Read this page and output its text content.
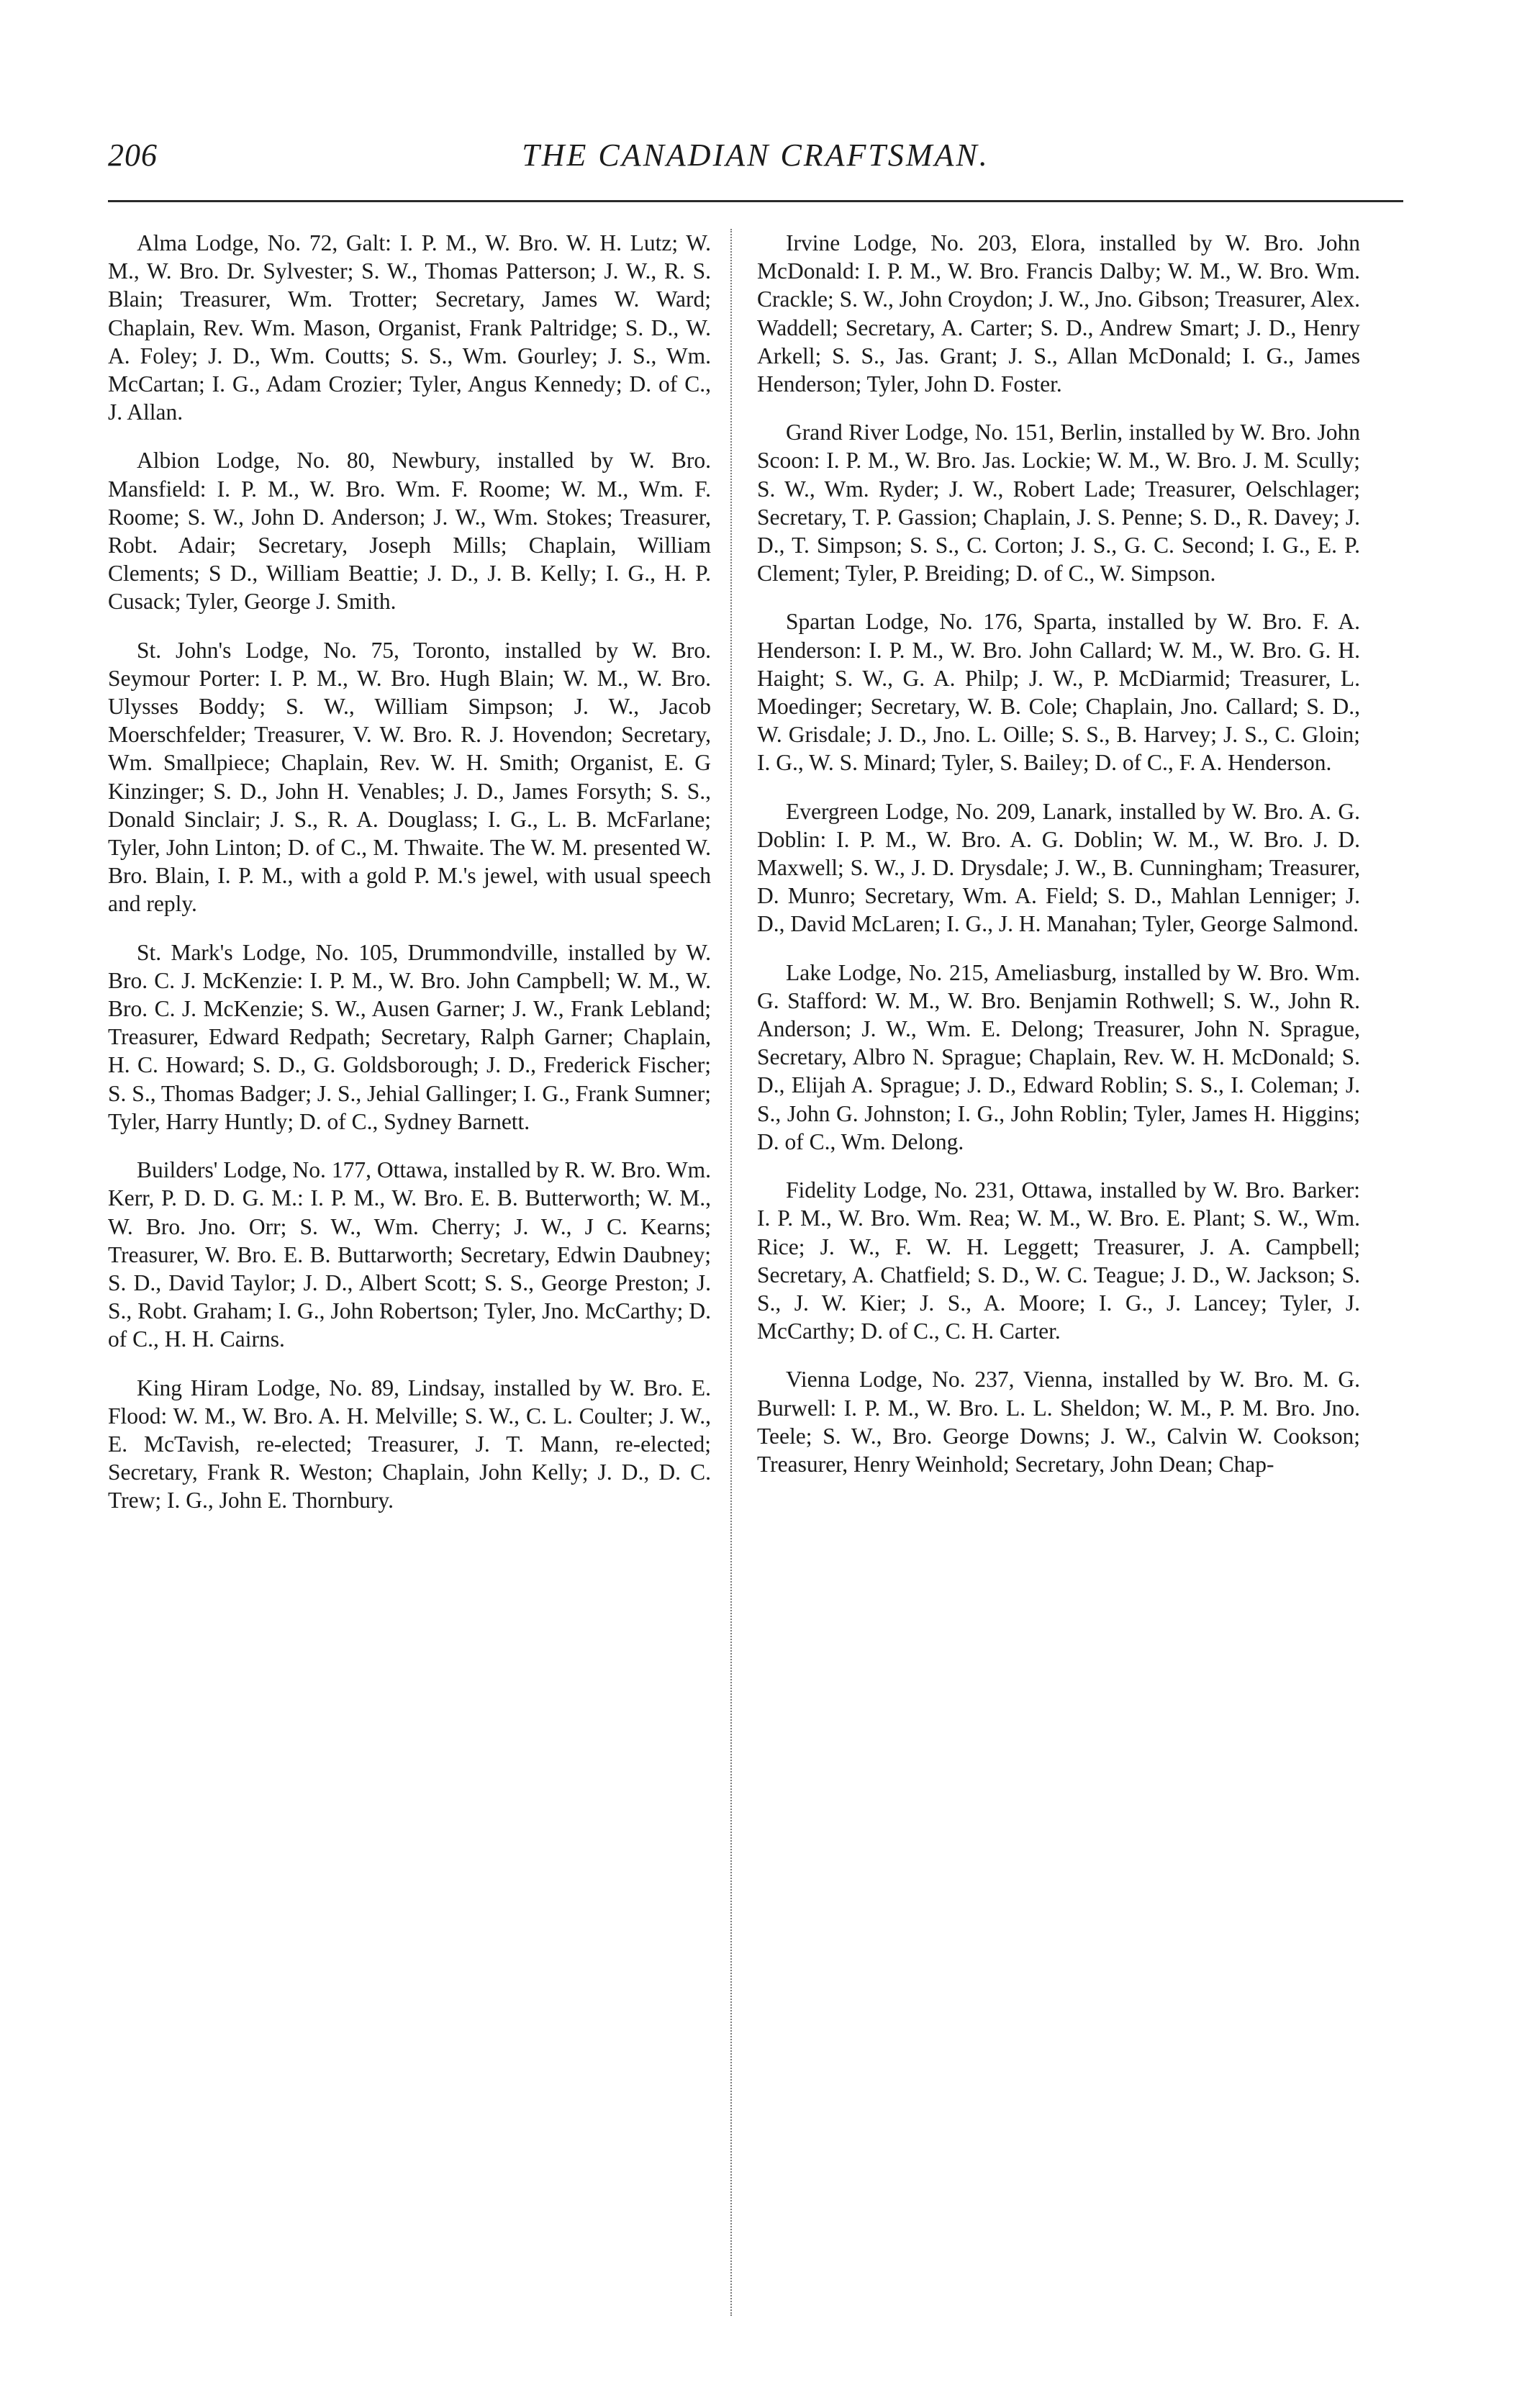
206	THE CANADIAN CRAFTSMAN.

Alma Lodge, No. 72, Galt: I. P. M., W. Bro. W. H. Lutz; W. M., W. Bro. Dr. Sylvester; S. W., Thomas Patterson; J. W., R. S. Blain; Treasurer, Wm. Trotter; Secretary, James W. Ward; Chaplain, Rev. Wm. Mason, Organist, Frank Paltridge; S. D., W. A. Foley; J. D., Wm. Coutts; S. S., Wm. Gourley; J. S., Wm. McCartan; I. G., Adam Crozier; Tyler, Angus Kennedy; D. of C., J. Allan.

Albion Lodge, No. 80, Newbury, installed by W. Bro. Mansfield: I. P. M., W. Bro. Wm. F. Roome; W. M., Wm. F. Roome; S. W., John D. Anderson; J. W., Wm. Stokes; Treasurer, Robt. Adair; Secretary, Joseph Mills; Chaplain, William Clements; S D., William Beattie; J. D., J. B. Kelly; I. G., H. P. Cusack; Tyler, George J. Smith.

St. John's Lodge, No. 75, Toronto, installed by W. Bro. Seymour Porter: I. P. M., W. Bro. Hugh Blain; W. M., W. Bro. Ulysses Boddy; S. W., William Simpson; J. W., Jacob Moerschfelder; Treasurer, V. W. Bro. R. J. Hovendon; Secretary, Wm. Smallpiece; Chaplain, Rev. W. H. Smith; Organist, E. G Kinzinger; S. D., John H. Venables; J. D., James Forsyth; S. S., Donald Sinclair; J. S., R. A. Douglass; I. G., L. B. McFarlane; Tyler, John Linton; D. of C., M. Thwaite. The W. M. presented W. Bro. Blain, I. P. M., with a gold P. M.'s jewel, with usual speech and reply.

St. Mark's Lodge, No. 105, Drummondville, installed by W. Bro. C. J. McKenzie: I. P. M., W. Bro. John Campbell; W. M., W. Bro. C. J. McKenzie; S. W., Ausen Garner; J. W., Frank Lebland; Treasurer, Edward Redpath; Secretary, Ralph Garner; Chaplain, H. C. Howard; S. D., G. Goldsborough; J. D., Frederick Fischer; S. S., Thomas Badger; J. S., Jehial Gallinger; I. G., Frank Sumner; Tyler, Harry Huntly; D. of C., Sydney Barnett.

Builders' Lodge, No. 177, Ottawa, installed by R. W. Bro. Wm. Kerr, P. D. D. G. M.: I. P. M., W. Bro. E. B. Butterworth; W. M., W. Bro. Jno. Orr; S. W., Wm. Cherry; J. W., J C. Kearns; Treasurer, W. Bro. E. B. Buttarworth; Secretary, Edwin Daubney; S. D., David Taylor; J. D., Albert Scott; S. S., George Preston; J. S., Robt. Graham; I. G., John Robertson; Tyler, Jno. McCarthy; D. of C., H. H. Cairns.

King Hiram Lodge, No. 89, Lindsay, installed by W. Bro. E. Flood: W. M., W. Bro. A. H. Melville; S. W., C. L. Coulter; J. W., E. McTavish, re-elected; Treasurer, J. T. Mann, re-elected; Secretary, Frank R. Weston; Chaplain, John Kelly; J. D., D. C. Trew; I. G., John E. Thornbury.

Irvine Lodge, No. 203, Elora, installed by W. Bro. John McDonald: I. P. M., W. Bro. Francis Dalby; W. M., W. Bro. Wm. Crackle; S. W., John Croydon; J. W., Jno. Gibson; Treasurer, Alex. Waddell; Secretary, A. Carter; S. D., Andrew Smart; J. D., Henry Arkell; S. S., Jas. Grant; J. S., Allan McDonald; I. G., James Henderson; Tyler, John D. Foster.

Grand River Lodge, No. 151, Berlin, installed by W. Bro. John Scoon: I. P. M., W. Bro. Jas. Lockie; W. M., W. Bro. J. M. Scully; S. W., Wm. Ryder; J. W., Robert Lade; Treasurer, Oelschlager; Secretary, T. P. Gassion; Chaplain, J. S. Penne; S. D., R. Davey; J. D., T. Simpson; S. S., C. Corton; J. S., G. C. Second; I. G., E. P. Clement; Tyler, P. Breiding; D. of C., W. Simpson.

Spartan Lodge, No. 176, Sparta, installed by W. Bro. F. A. Henderson: I. P. M., W. Bro. John Callard; W. M., W. Bro. G. H. Haight; S. W., G. A. Philp; J. W., P. McDiarmid; Treasurer, L. Moedinger; Secretary, W. B. Cole; Chaplain, Jno. Callard; S. D., W. Grisdale; J. D., Jno. L. Oille; S. S., B. Harvey; J. S., C. Gloin; I. G., W. S. Minard; Tyler, S. Bailey; D. of C., F. A. Henderson.

Evergreen Lodge, No. 209, Lanark, installed by W. Bro. A. G. Doblin: I. P. M., W. Bro. A. G. Doblin; W. M., W. Bro. J. D. Maxwell; S. W., J. D. Drysdale; J. W., B. Cunningham; Treasurer, D. Munro; Secretary, Wm. A. Field; S. D., Mahlan Lenniger; J. D., David McLaren; I. G., J. H. Manahan; Tyler, George Salmond.

Lake Lodge, No. 215, Ameliasburg, installed by W. Bro. Wm. G. Stafford: W. M., W. Bro. Benjamin Rothwell; S. W., John R. Anderson; J. W., Wm. E. Delong; Treasurer, John N. Sprague, Secretary, Albro N. Sprague; Chaplain, Rev. W. H. McDonald; S. D., Elijah A. Sprague; J. D., Edward Roblin; S. S., I. Coleman; J. S., John G. Johnston; I. G., John Roblin; Tyler, James H. Higgins; D. of C., Wm. Delong.

Fidelity Lodge, No. 231, Ottawa, installed by W. Bro. Barker: I. P. M., W. Bro. Wm. Rea; W. M., W. Bro. E. Plant; S. W., Wm. Rice; J. W., F. W. H. Leggett; Treasurer, J. A. Campbell; Secretary, A. Chatfield; S. D., W. C. Teague; J. D., W. Jackson; S. S., J. W. Kier; J. S., A. Moore; I. G., J. Lancey; Tyler, J. McCarthy; D. of C., C. H. Carter.

Vienna Lodge, No. 237, Vienna, installed by W. Bro. M. G. Burwell: I. P. M., W. Bro. L. L. Sheldon; W. M., P. M. Bro. Jno. Teele; S. W., Bro. George Downs; J. W., Calvin W. Cookson; Treasurer, Henry Weinhold; Secretary, John Dean; Chap-
